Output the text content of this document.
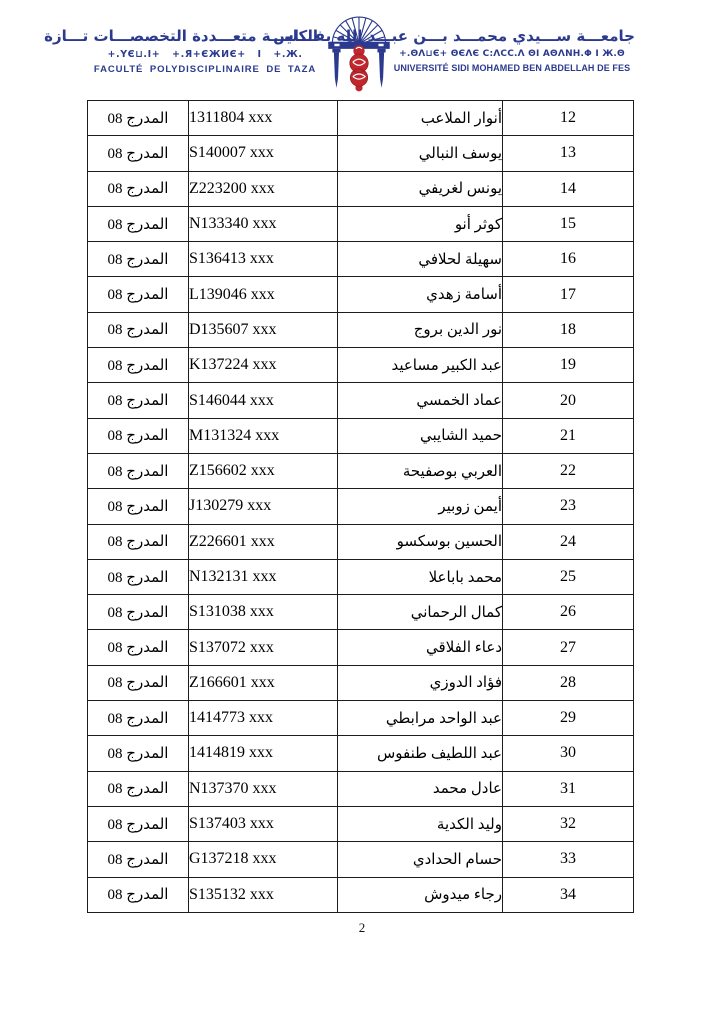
الكليـــة متعـــددة التخصصـــات تـــازة
+.ΥЄ⊔.Ι+   +.Я+ЄЖИЄ+   Ι   +.Ж.
FACULTÉ POLYDISCIPLINAIRE DE TAZA
جامعـــة ســـيدي محمـــد بـــن عبـــد الله بفـــاس
+.ΘΛ⊔Є+ ΘЄΛЄ C:ΛCC.Λ ΘΙ ΑΘΛΝΗ.Φ Ι Ж.Θ
UNIVERSITÉ SIDI MOHAMED BEN ABDELLAH DE FES
المدرج 08	1311804 xxx	أنوار الملاعب	12
المدرج 08	S140007 xxx	يوسف النبالي	13
المدرج 08	Z223200 xxx	يونس لغريفي	14
المدرج 08	N133340 xxx	كوثر أنو	15
المدرج 08	S136413 xxx	سهيلة لحلافي	16
المدرج 08	L139046 xxx	أسامة زهدي	17
المدرج 08	D135607 xxx	نور الدين بروج	18
المدرج 08	K137224 xxx	عبد الكبير مساعيد	19
المدرج 08	S146044 xxx	عماد الخمسي	20
المدرج 08	M131324 xxx	حميد الشايبي	21
المدرج 08	Z156602 xxx	العربي بوصفيحة	22
المدرج 08	J130279 xxx	أيمن زوبير	23
المدرج 08	Z226601 xxx	الحسين بوسكسو	24
المدرج 08	N132131 xxx	محمد باباعلا	25
المدرج 08	S131038 xxx	كمال الرحماني	26
المدرج 08	S137072 xxx	دعاء الفلاقي	27
المدرج 08	Z166601 xxx	فؤاد الدوزي	28
المدرج 08	1414773 xxx	عبد الواحد مرابطي	29
المدرج 08	1414819 xxx	عبد اللطيف طنفوس	30
المدرج 08	N137370 xxx	عادل محمد	31
المدرج 08	S137403 xxx	وليد الكدية	32
المدرج 08	G137218 xxx	حسام الحدادي	33
المدرج 08	S135132 xxx	رجاء ميدوش	34
2
